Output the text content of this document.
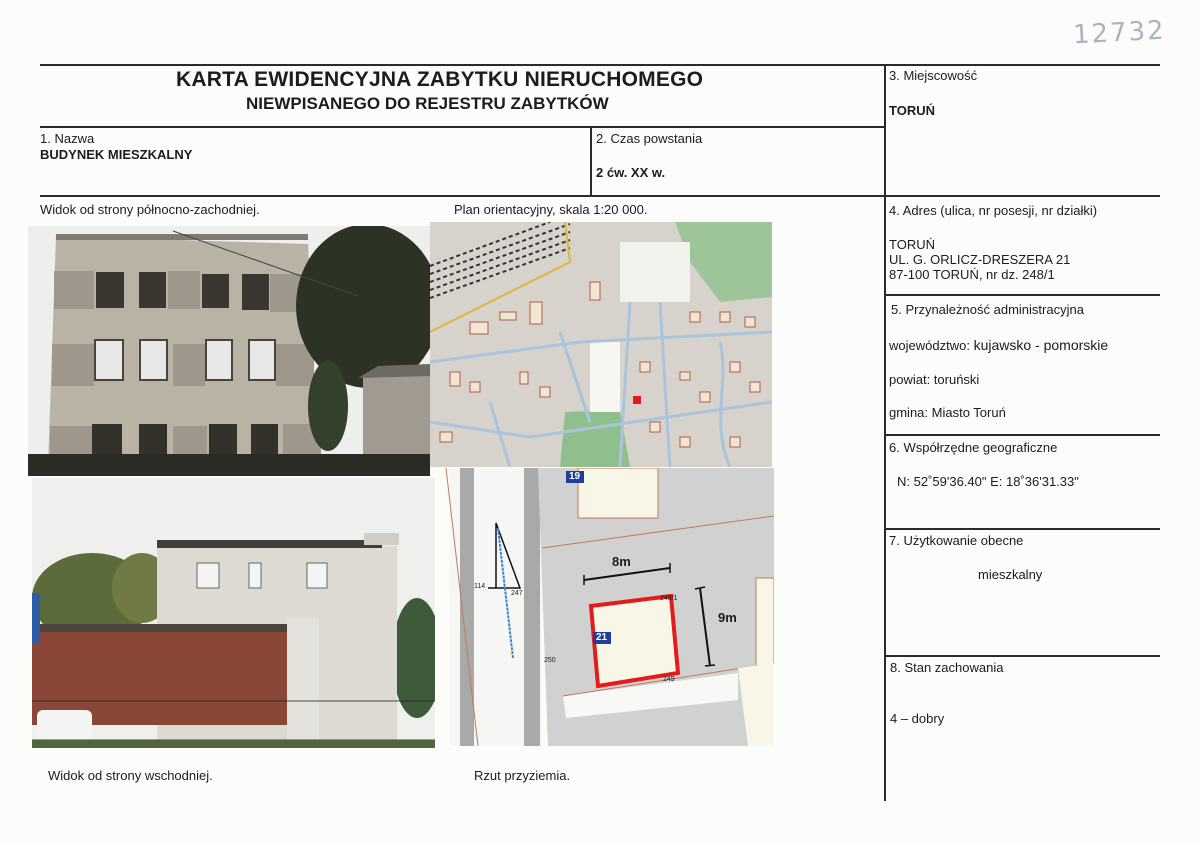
12732
KARTA EWIDENCYJNA ZABYTKU NIERUCHOMEGO
NIEWPISANEGO DO REJESTRU ZABYTKÓW
1. Nazwa
BUDYNEK MIESZKALNY
2. Czas powstania
2 ćw. XX w.
3. Miejscowość
TORUŃ
4. Adres (ulica, nr posesji, nr działki)
TORUŃ
UL. G. ORLICZ-DRESZERA 21
87-100 TORUŃ, nr dz. 248/1
5. Przynależność administracyjna
województwo: kujawsko - pomorskie
powiat: toruński
gmina: Miasto Toruń
6. Współrzędne geograficzne
N: 52˚59'36.40" E: 18˚36'31.33"
7. Użytkowanie obecne
mieszkalny
8. Stan zachowania
4 – dobry
Widok od strony północno-zachodniej.	Plan orientacyjny, skala 1:20 000.
Widok od strony wschodniej.	Rzut przyziemia.
8m
9m
19
21
248/1
247
250
249
114
